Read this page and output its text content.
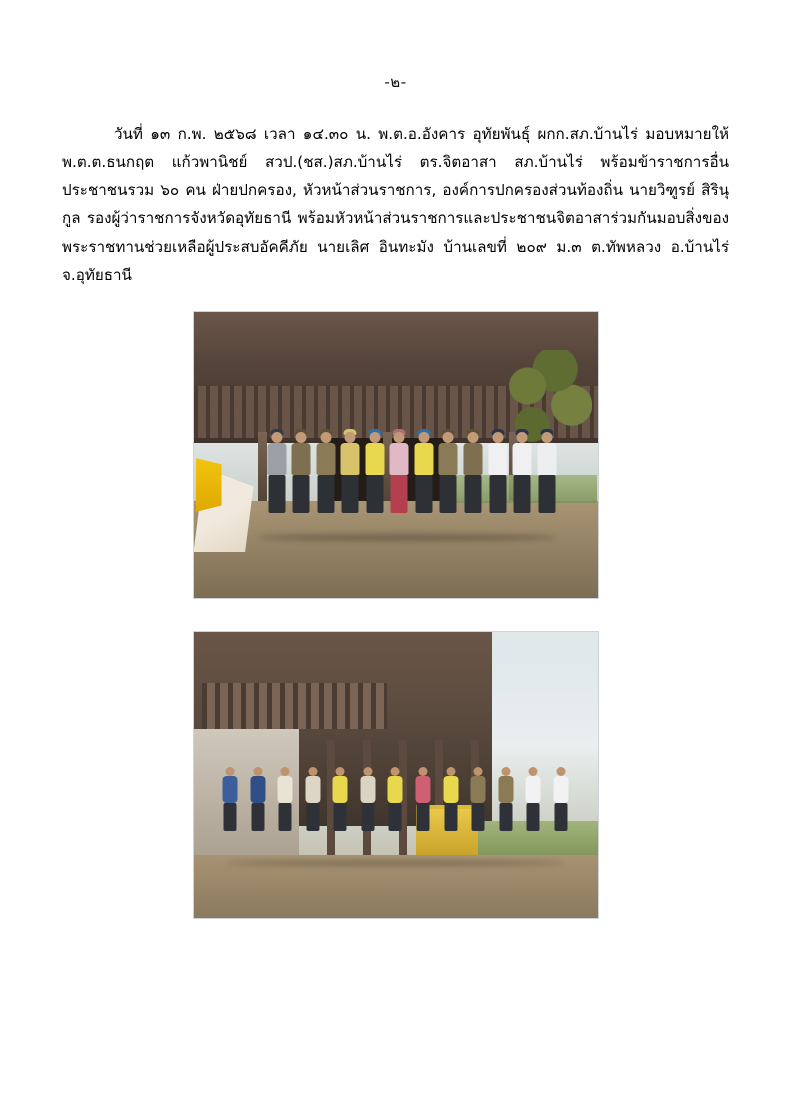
-๒-
วันที่ ๑๓ ก.พ. ๒๕๖๘ เวลา ๑๔.๓๐ น. พ.ต.อ.อังคาร อุทัยพันธุ์ ผกก.สภ.บ้านไร่ มอบหมายให้ พ.ต.ต.ธนกฤต แก้วพานิชย์ สวป.(ชส.)สภ.บ้านไร่ ตร.จิตอาสา สภ.บ้านไร่ พร้อมข้าราชการอื่น ประชาชนรวม ๖๐ คน ฝ่ายปกครอง, หัวหน้าส่วนราชการ, องค์การปกครองส่วนท้องถิ่น นายวิฑูรย์ สิรินุกูล รองผู้ว่าราชการจังหวัดอุทัยธานี พร้อมหัวหน้าส่วนราชการและประชาชนจิตอาสาร่วมกันมอบสิ่งของพระราชทานช่วยเหลือผู้ประสบอัคคีภัย นายเลิศ อินทะมัง บ้านเลขที่ ๒๐๙ ม.๓ ต.ทัพหลวง อ.บ้านไร่ จ.อุทัยธานี
